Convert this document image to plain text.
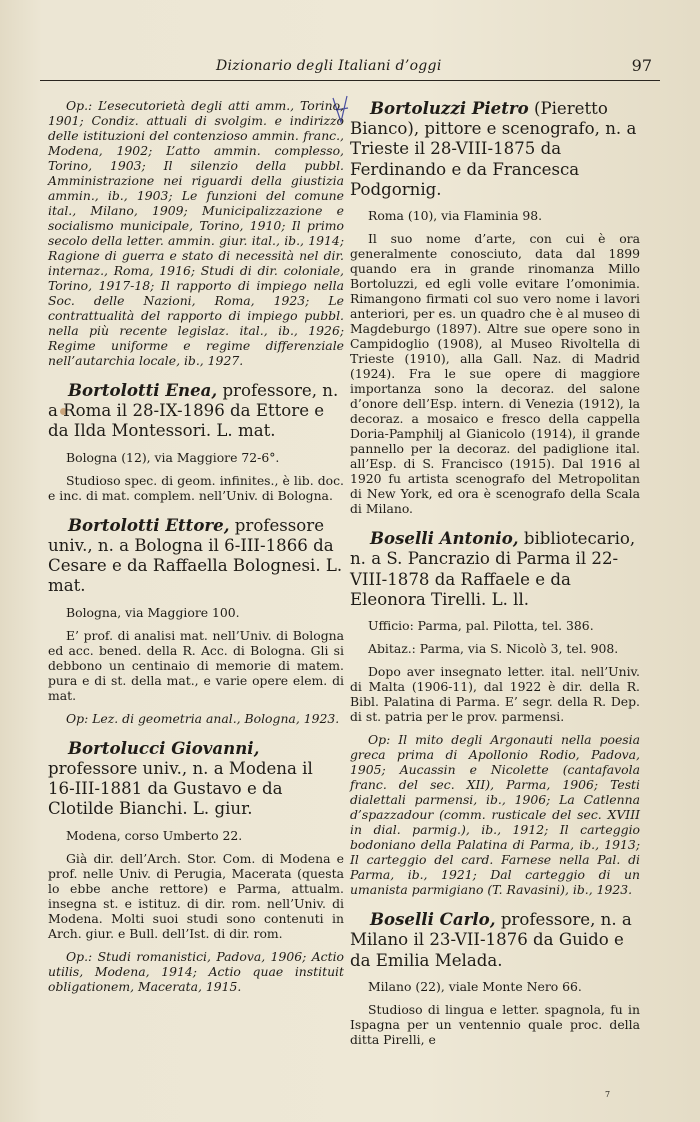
Dizionario degli Italiani d’oggi	97

Op.: L’esecutorietà degli atti amm., Torino, 1901; Condiz. attuali di svolgim. e indirizzo delle istituzioni del contenzioso ammin. franc., Modena, 1902; L’atto ammin. complesso, Torino, 1903; Il silenzio della pubbl. Amministrazione nei riguardi della giustizia ammin., ib., 1903; Le funzioni del comune ital., Milano, 1909; Municipalizzazione e socialismo municipale, Torino, 1910; Il primo secolo della letter. ammin. giur. ital., ib., 1914; Ragione di guerra e stato di necessità nel dir. internaz., Roma, 1916; Studi di dir. coloniale, Torino, 1917-18; Il rapporto di impiego nella Soc. delle Nazioni, Roma, 1923; Le contrattualità del rapporto di impiego pubbl. nella più recente legislaz. ital., ib., 1926; Regime uniforme e regime differenziale nell’autarchia locale, ib., 1927.

Bortolotti Enea, professore, n. a Roma il 28-IX-1896 da Ettore e da Ilda Montessori. L. mat.

Bologna (12), via Maggiore 72-6°.

Studioso spec. di geom. infinites., è lib. doc. e inc. di mat. complem. nell’Univ. di Bologna.

Bortolotti Ettore, professore univ., n. a Bologna il 6-III-1866 da Cesare e da Raffaella Bolognesi. L. mat.

Bologna, via Maggiore 100.

E’ prof. di analisi mat. nell’Univ. di Bologna ed acc. bened. della R. Acc. di Bologna. Gli si debbono un centinaio di memorie di matem. pura e di st. della mat., e varie opere elem. di mat.

Op: Lez. di geometria anal., Bologna, 1923.

Bortolucci Giovanni, professore univ., n. a Modena il 16-III-1881 da Gustavo e da Clotilde Bianchi. L. giur.

Modena, corso Umberto 22.

Già dir. dell’Arch. Stor. Com. di Modena e prof. nelle Univ. di Perugia, Macerata (questa lo ebbe anche rettore) e Parma, attualm. insegna st. e istituz. di dir. rom. nell’Univ. di Modena. Molti suoi studi sono contenuti in Arch. giur. e Bull. dell’Ist. di dir. rom.

Op.: Studi romanistici, Padova, 1906; Actio utilis, Modena, 1914; Actio quae instituit obligationem, Macerata, 1915.

Bortoluzzi Pietro (Pieretto Bianco), pittore e scenografo, n. a Trieste il 28-VIII-1875 da Ferdinando e da Francesca Podgornig.

Roma (10), via Flaminia 98.

Il suo nome d’arte, con cui è ora generalmente conosciuto, data dal 1899 quando era in grande rinomanza Millo Bortoluzzi, ed egli volle evitare l’omonimia. Rimangono firmati col suo vero nome i lavori anteriori, per es. un quadro che è al museo di Magdeburgo (1897). Altre sue opere sono in Campidoglio (1908), al Museo Rivoltella di Trieste (1910), alla Gall. Naz. di Madrid (1924). Fra le sue opere di maggiore importanza sono la decoraz. del salone d’onore dell’Esp. intern. di Venezia (1912), la decoraz. a mosaico e fresco della cappella Doria-Pamphilj al Gianicolo (1914), il grande pannello per la decoraz. del padiglione ital. all’Esp. di S. Francisco (1915). Dal 1916 al 1920 fu artista scenografo del Metropolitan di New York, ed ora è scenografo della Scala di Milano.

Boselli Antonio, bibliotecario, n. a S. Pancrazio di Parma il 22-VIII-1878 da Raffaele e da Eleonora Tirelli. L. ll.

Ufficio: Parma, pal. Pilotta, tel. 386.

Abitaz.: Parma, via S. Nicolò 3, tel. 908.

Dopo aver insegnato letter. ital. nell’Univ. di Malta (1906-11), dal 1922 è dir. della R. Bibl. Palatina di Parma. E’ segr. della R. Dep. di st. patria per le prov. parmensi.

Op: Il mito degli Argonauti nella poesia greca prima di Apollonio Rodio, Padova, 1905; Aucassin e Nicolette (cantafavola franc. del sec. XII), Parma, 1906; Testi dialettali parmensi, ib., 1906; La Catlenna d’spazzadour (comm. rusticale del sec. XVIII in dial. parmig.), ib., 1912; Il carteggio bodoniano della Palatina di Parma, ib., 1913; Il carteggio del card. Farnese nella Pal. di Parma, ib., 1921; Dal carteggio di un umanista parmigiano (T. Ravasini), ib., 1923.

Boselli Carlo, professore, n. a Milano il 23-VII-1876 da Guido e da Emilia Melada.

Milano (22), viale Monte Nero 66.

Studioso di lingua e letter. spagnola, fu in Ispagna per un ventennio quale proc. della ditta Pirelli, e

7
